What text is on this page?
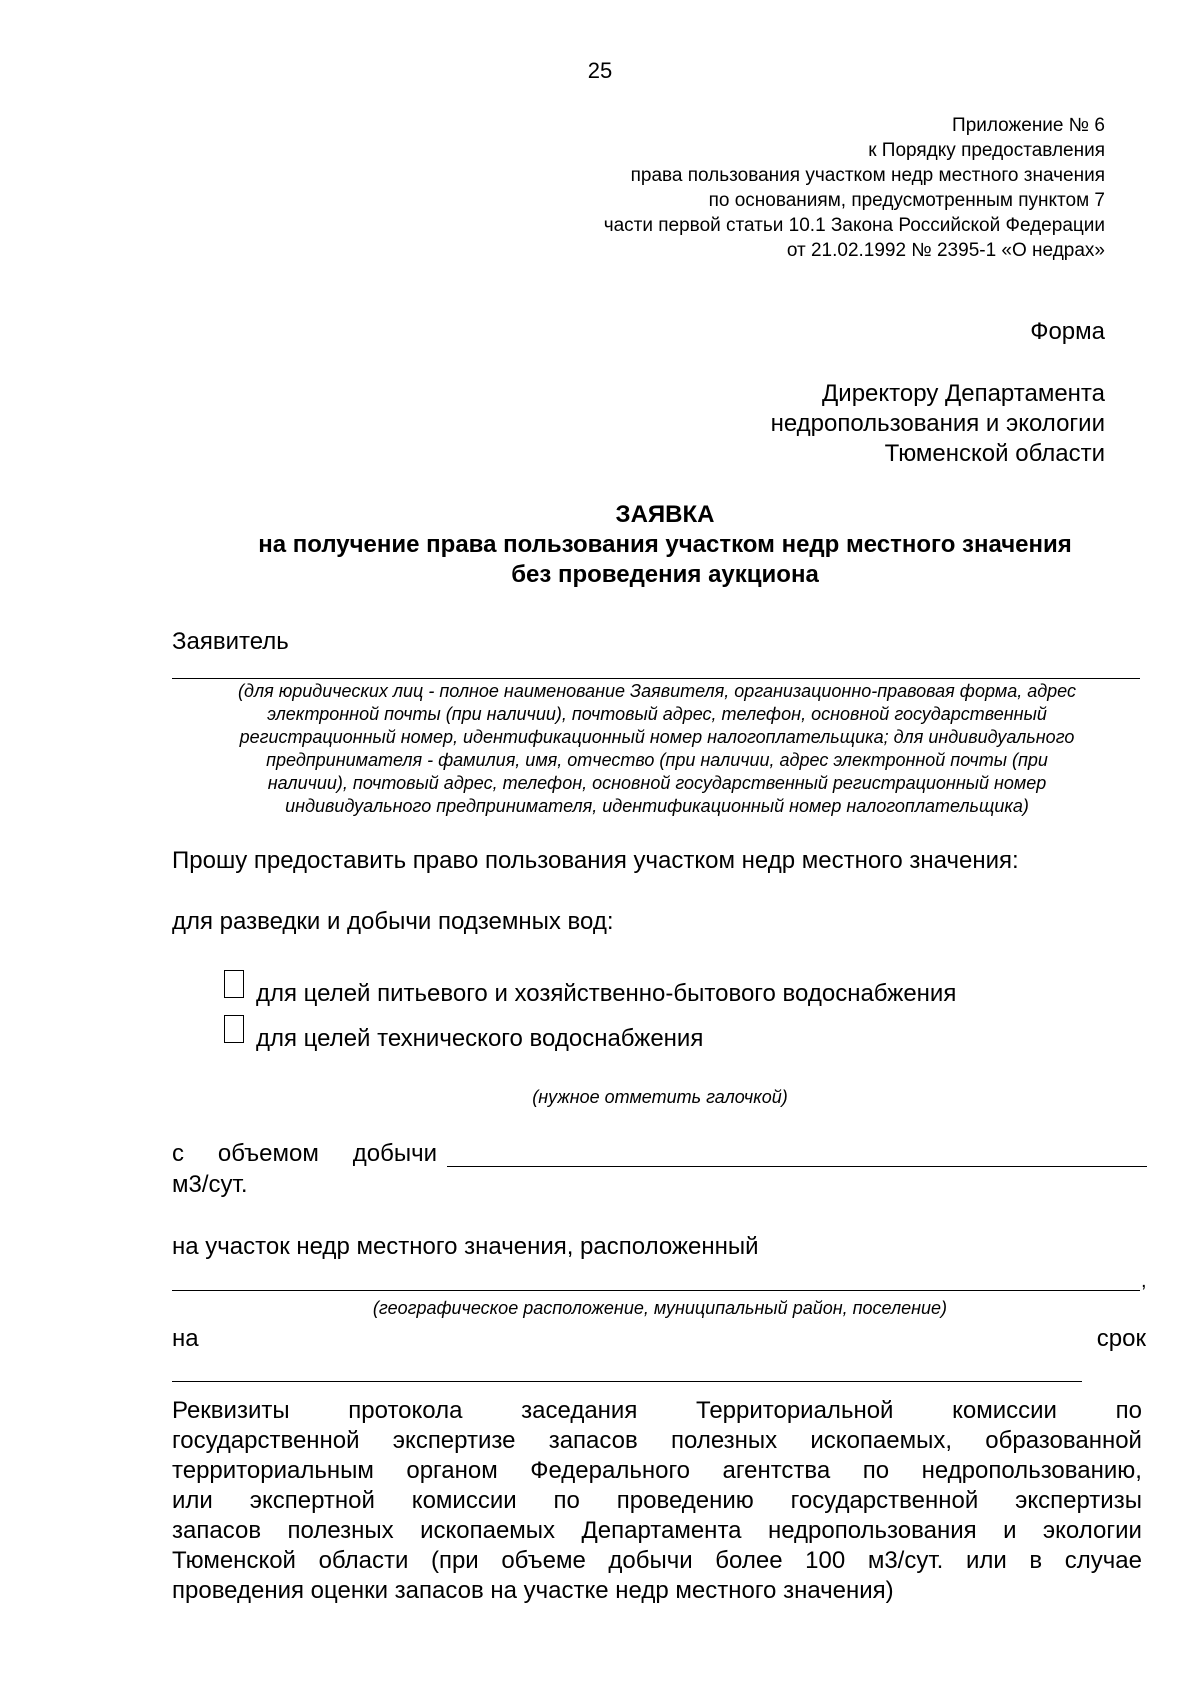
25
Приложение № 6
к Порядку предоставления
права пользования участком недр местного значения
по основаниям, предусмотренным пунктом 7
части первой статьи 10.1 Закона Российской Федерации
от 21.02.1992 № 2395-1 «О недрах»
Форма
Директору Департамента
недропользования и экологии
Тюменской области
ЗАЯВКА
на получение права пользования участком недр местного значения
без проведения аукциона
Заявитель
(для юридических лиц - полное наименование Заявителя, организационно-правовая форма, адрес
электронной почты (при наличии), почтовый адрес, телефон, основной государственный
регистрационный номер, идентификационный номер налогоплательщика; для индивидуального
предпринимателя - фамилия, имя, отчество (при наличии, адрес электронной почты (при
наличии), почтовый адрес, телефон, основной государственный регистрационный номер
индивидуального предпринимателя, идентификационный номер налогоплательщика)
Прошу предоставить право пользования участком недр местного значения:
для разведки и добычи подземных вод:
для целей питьевого и хозяйственно-бытового водоснабжения
для целей технического водоснабжения
(нужное отметить галочкой)
с объемом добычи
м3/сут.
на участок недр местного значения, расположенный
,
(географическое расположение, муниципальный район, поселение)
на	срок
Реквизиты протокола заседания Территориальной комиссии по
государственной экспертизе запасов полезных ископаемых, образованной
территориальным органом Федерального агентства по недропользованию,
или экспертной комиссии по проведению государственной экспертизы
запасов полезных ископаемых Департамента недропользования и экологии
Тюменской области (при объеме добычи более 100 м3/сут. или в случае
проведения оценки запасов на участке недр местного значения)
